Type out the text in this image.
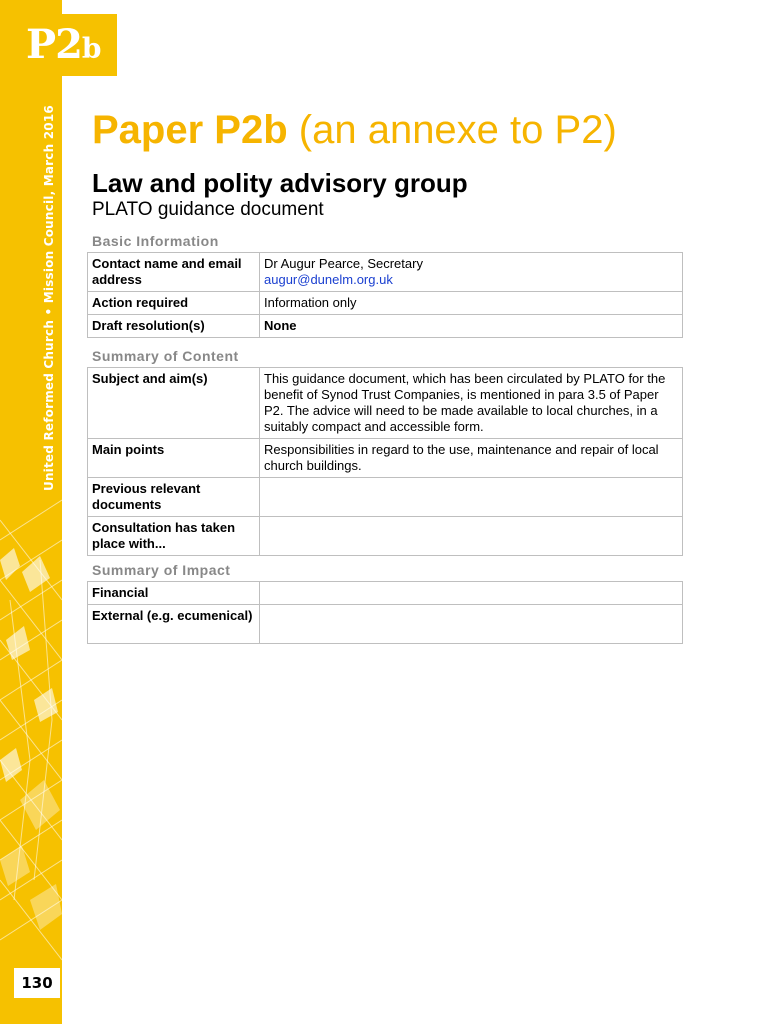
P2b
United Reformed Church • Mission Council, March 2016
130
Paper P2b (an annexe to P2)
Law and polity advisory group
PLATO guidance document
Basic Information
Contact name and email address	Dr Augur Pearce, Secretary
augur@dunelm.org.uk

Action required	Information only
Draft resolution(s)	None
Summary of Content
Subject and aim(s)	This guidance document, which has been circulated by PLATO for the benefit of Synod Trust Companies, is mentioned in para 3.5 of Paper P2. The advice will need to be made available to local churches, in a suitably compact and accessible form.
Main points	Responsibilities in regard to the use, maintenance and repair of local church buildings.
Previous relevant documents	
Consultation has taken place with...	
Summary of Impact
Financial	
External (e.g. ecumenical)	
